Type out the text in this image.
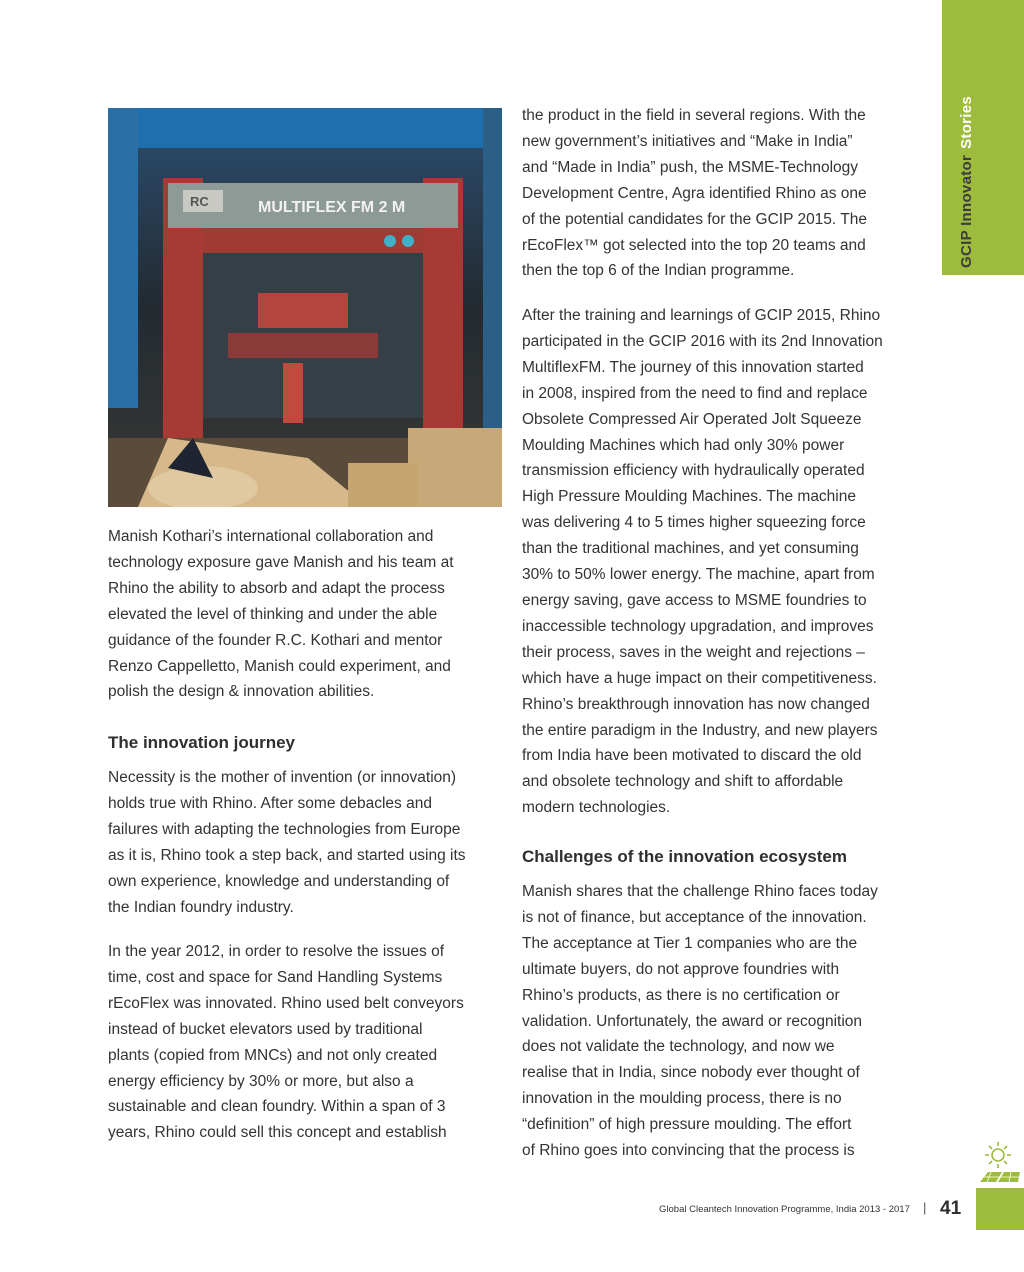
GCIP InnovatorStories
RC	MULTIFLEX FM 2 M

Manish Kothari’s international collaboration and

technology exposure gave Manish and his team at

Rhino the ability to absorb and adapt the process

elevated the level of thinking and under the able

guidance of the founder R.C. Kothari and mentor

Renzo Cappelletto, Manish could experiment, and

polish the design & innovation abilities.

The innovation journey

Necessity is the mother of invention (or innovation)

holds true with Rhino. After some debacles and

failures with adapting the technologies from Europe

as it is, Rhino took a step back, and started using its

own experience, knowledge and understanding of

the Indian foundry industry.

In the year 2012, in order to resolve the issues of

time, cost and space for Sand Handling Systems

rEcoFlex was innovated. Rhino used belt conveyors

instead of bucket elevators used by traditional

plants (copied from MNCs) and not only created

energy efficiency by 30% or more, but also a

sustainable and clean foundry. Within a span of 3

years, Rhino could sell this concept and establish

the product in the field in several regions. With the

new government’s initiatives and “Make in India”

and “Made in India” push, the MSME-Technology

Development Centre, Agra identified Rhino as one

of the potential candidates for the GCIP 2015. The

rEcoFlex™ got selected into the top 20 teams and

then the top 6 of the Indian programme.

After the training and learnings of GCIP 2015, Rhino

participated in the GCIP 2016 with its 2nd Innovation

MultiflexFM. The journey of this innovation started

in 2008, inspired from the need to find and replace

Obsolete Compressed Air Operated Jolt Squeeze

Moulding Machines which had only 30% power

transmission efficiency with hydraulically operated

High Pressure Moulding Machines. The machine

was delivering 4 to 5 times higher squeezing force

than the traditional machines, and yet consuming

30% to 50% lower energy. The machine, apart from

energy saving, gave access to MSME foundries to

inaccessible technology upgradation, and improves

their process, saves in the weight and rejections –

which have a huge impact on their competitiveness.

Rhino’s breakthrough innovation has now changed

the entire paradigm in the Industry, and new players

from India have been motivated to discard the old

and obsolete technology and shift to affordable

modern technologies.

Challenges of the innovation ecosystem

Manish shares that the challenge Rhino faces today

is not of finance, but acceptance of the innovation.

The acceptance at Tier 1 companies who are the

ultimate buyers, do not approve foundries with

Rhino’s products, as there is no certification or

validation. Unfortunately, the award or recognition

does not validate the technology, and now we

realise that in India, since nobody ever thought of

innovation in the moulding process, there is no

“definition” of high pressure moulding. The effort

of Rhino goes into convincing that the process is

Global Cleantech Innovation Programme, India 2013 - 2017 | 41
